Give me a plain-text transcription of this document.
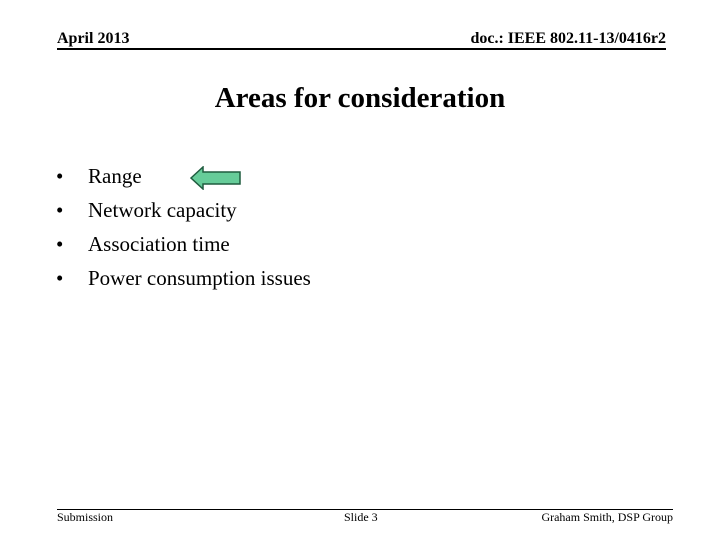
April 2013	doc.: IEEE 802.11-13/0416r2
Areas for consideration
• Range
• Network capacity
• Association time
• Power consumption issues
Submission	Slide 3	Graham Smith, DSP Group
